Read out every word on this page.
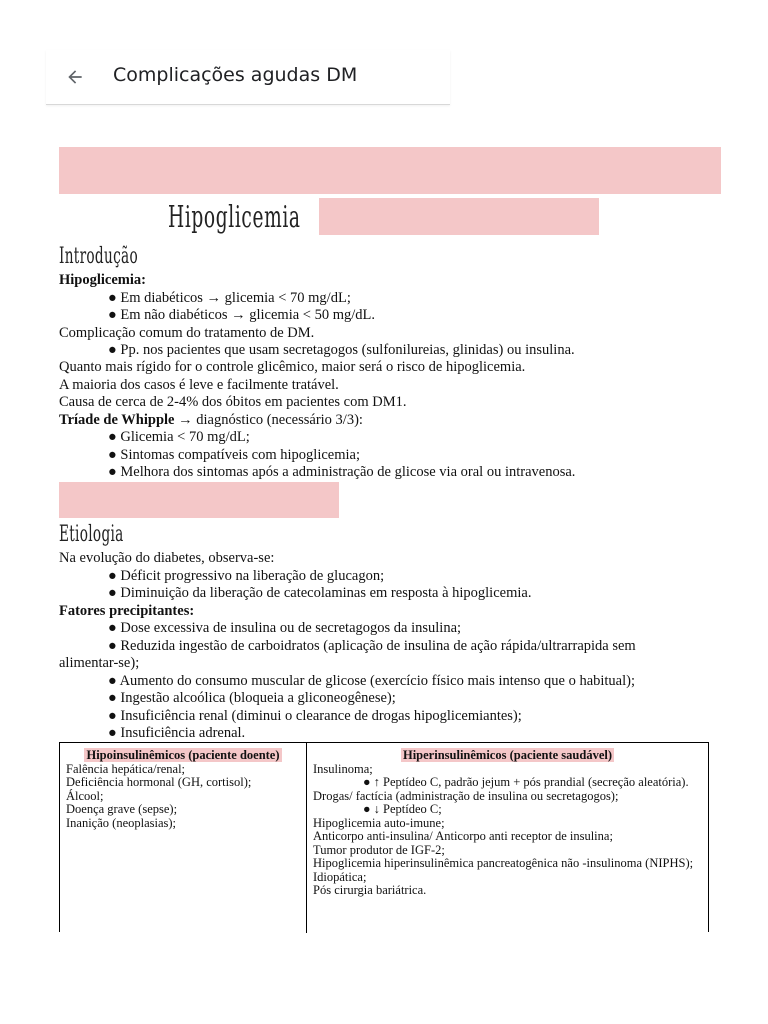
Complicações agudas DM
Hipoglicemia
Introdução
Hipoglicemia:
● Em diabéticos → glicemia < 70 mg/dL;
● Em não diabéticos → glicemia < 50 mg/dL.
Complicação comum do tratamento de DM.
● Pp. nos pacientes que usam secretagogos (sulfonilureias, glinidas) ou insulina.
Quanto mais rígido for o controle glicêmico, maior será o risco de hipoglicemia.
A maioria dos casos é leve e facilmente tratável.
Causa de cerca de 2-4% dos óbitos em pacientes com DM1.
Tríade de Whipple → diagnóstico (necessário 3/3):
● Glicemia < 70 mg/dL;
● Sintomas compatíveis com hipoglicemia;
● Melhora dos sintomas após a administração de glicose via oral ou intravenosa.
Etiologia
Na evolução do diabetes, observa-se:
● Déficit progressivo na liberação de glucagon;
● Diminuição da liberação de catecolaminas em resposta à hipoglicemia.
Fatores precipitantes:
● Dose excessiva de insulina ou de secretagogos da insulina;
● Reduzida ingestão de carboidratos (aplicação de insulina de ação rápida/ultrarrapida sem
alimentar-se);
● Aumento do consumo muscular de glicose (exercício físico mais intenso que o habitual);
● Ingestão alcoólica (bloqueia a gliconeogênese);
● Insuficiência renal (diminui o clearance de drogas hipoglicemiantes);
● Insuficiência adrenal.
Hipoinsulinêmicos (paciente doente)
Falência hepática/renal;
Deficiência hormonal (GH, cortisol);
Álcool;
Doença grave (sepse);
Inanição (neoplasias);
Hiperinsulinêmicos (paciente saudável)
Insulinoma;
● ↑ Peptídeo C, padrão jejum + pós prandial (secreção aleatória).
Drogas/ factícia (administração de insulina ou secretagogos);
● ↓ Peptídeo C;
Hipoglicemia auto-imune;
Anticorpo anti-insulina/ Anticorpo anti receptor de insulina;
Tumor produtor de IGF-2;
Hipoglicemia hiperinsulinêmica pancreatogênica não -insulinoma (NIPHS);
Idiopática;
Pós cirurgia bariátrica.
